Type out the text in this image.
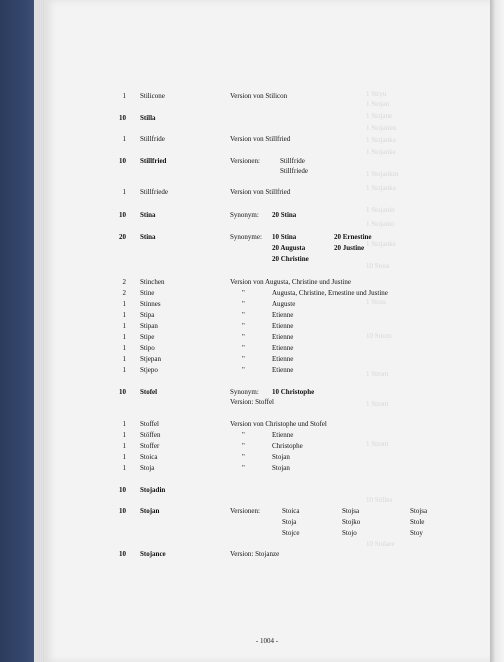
1 Stryu
1 Stojan
1 Stojane
1 Stojanim
1 Stojanka
1 Stojanke
1 Stojankin
1 Stojanka
1 Stojanin
1 Stojanto
1 Stojanke
10 Stoss
1 Stoss
10 Strom
1 Strom
1 Strom
1 Strom
10 Stilles
10 Stolare
1 Stilicone	Version von Stilicon
10 Stilla
1 Stillfride	Version von Stillfried
10 Stillfried	Versionen:	Stillfride
Stillfriede
1 Stillfriede	Version von Stillfried
10 Stina	Synonym: 20 Stina
20 Stina	Synonyme: 10 Stina	20 Ernestine
20 Augusta	20 Justine
20 Christine
2 Stinchen	Version von Augusta, Christine und Justine
2 Stine	"	Augusta, Christine, Ernestine und Justine
1 Stinnes	"	Auguste
1 Stipa	"	Etienne
1 Stipan	"	Etienne
1 Stipe	"	Etienne
1 Stipo	"	Etienne
1 Stjepan	"	Etienne
1 Stjepo	"	Etienne
10 Stofel	Synonym: 10 Christophe
Version: Stoffel
1 Stoffel	Version von Christophe und Stofel
1 Stöffen	"	Etienne
1 Stoffer	"	Christophe
1 Stoica	"	Stojan
1 Stoja	"	Stojan
10 Stojadin
10 Stojan	Versionen:	Stoica	Stojsa	Stojsa
Stoja	Stojko	Stole
Stojce	Stojo	Stoy
10 Stojance	Version: Stojanze
- 1004 -
